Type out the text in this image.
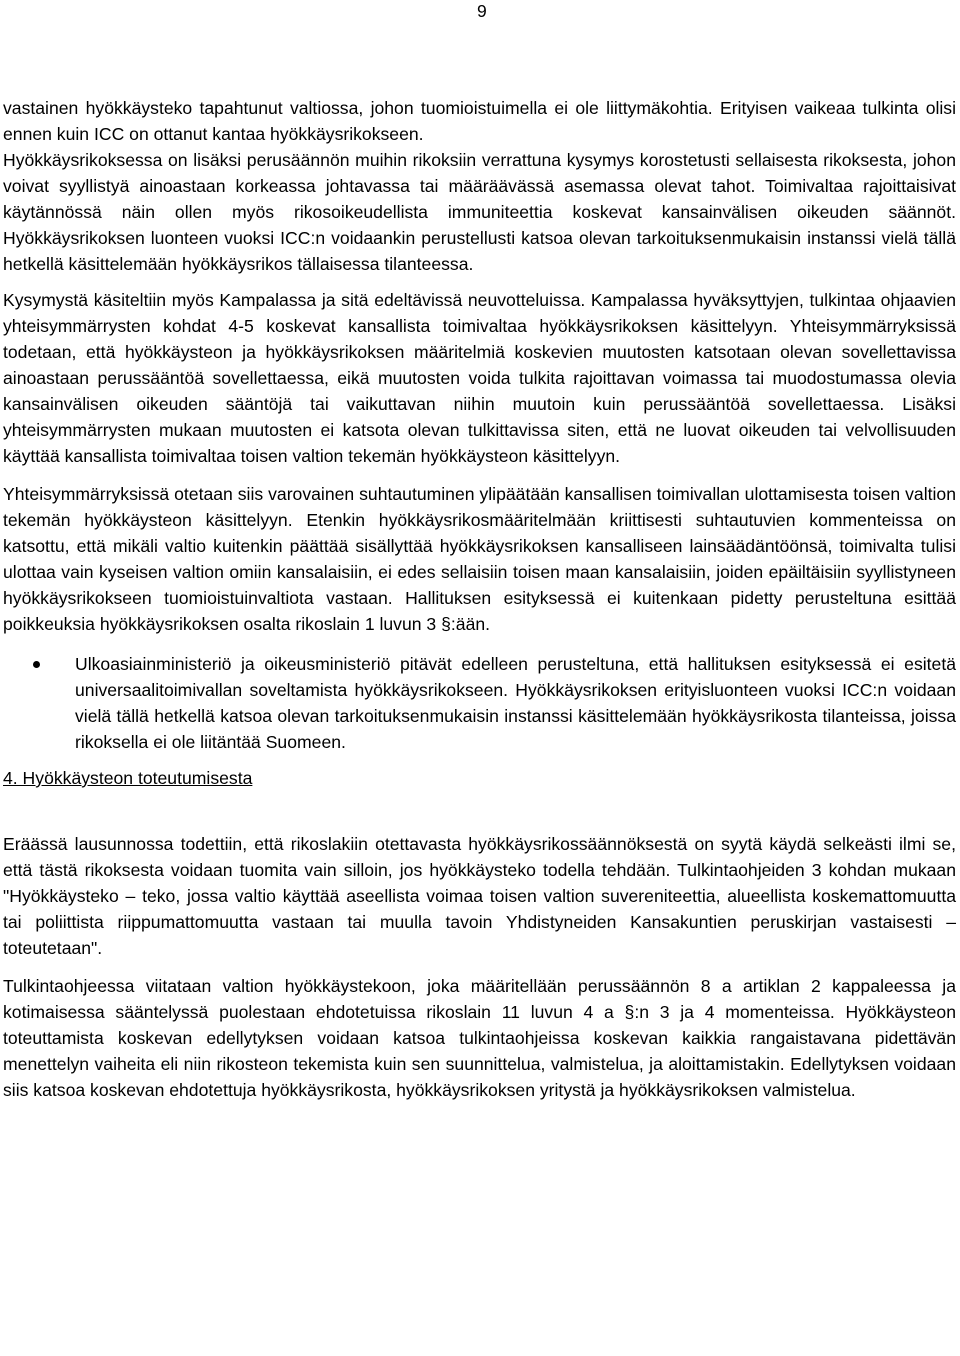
9

vastainen hyökkäysteko tapahtunut valtiossa, johon tuomioistuimella ei ole liittymäkohtia. Erityisen vaikeaa tulkinta olisi ennen kuin ICC on ottanut kantaa hyökkäysrikokseen.

Hyökkäysrikoksessa on lisäksi perusäännön muihin rikoksiin verrattuna kysymys korostetusti sellaisesta rikoksesta, johon voivat syyllistyä ainoastaan korkeassa johtavassa tai määräävässä asemassa olevat tahot. Toimivaltaa rajoittaisivat käytännössä näin ollen myös rikosoikeudellista immuniteettia koskevat kansainvälisen oikeuden säännöt. Hyökkäysrikoksen luonteen vuoksi ICC:n voidaankin perustellusti katsoa olevan tarkoituksenmukaisin instanssi vielä tällä hetkellä käsittelemään hyökkäysrikos tällaisessa tilanteessa.

Kysymystä käsiteltiin myös Kampalassa ja sitä edeltävissä neuvotteluissa. Kampalassa hyväksyttyjen, tulkintaa ohjaavien yhteisymmärrysten kohdat 4-5 koskevat kansallista toimivaltaa hyökkäysrikoksen käsittelyyn. Yhteisymmärryksissä todetaan, että hyökkäysteon ja hyökkäysrikoksen määritelmiä koskevien muutosten katsotaan olevan sovellettavissa ainoastaan perussääntöä sovellettaessa, eikä muutosten voida tulkita rajoittavan voimassa tai muodostumassa olevia kansainvälisen oikeuden sääntöjä tai vaikuttavan niihin muutoin kuin perussääntöä sovellettaessa. Lisäksi yhteisymmärrysten mukaan muutosten ei katsota olevan tulkittavissa siten, että ne luovat oikeuden tai velvollisuuden käyttää kansallista toimivaltaa toisen valtion tekemän hyökkäysteon käsittelyyn.

Yhteisymmärryksissä otetaan siis varovainen suhtautuminen ylipäätään kansallisen toimivallan ulottamisesta toisen valtion tekemän hyökkäysteon käsittelyyn. Etenkin hyökkäysrikosmääritelmään kriittisesti suhtautuvien kommenteissa on katsottu, että mikäli valtio kuitenkin päättää sisällyttää hyökkäysrikoksen kansalliseen lainsäädäntöönsä, toimivalta tulisi ulottaa vain kyseisen valtion omiin kansalaisiin, ei edes sellaisiin toisen maan kansalaisiin, joiden epäiltäisiin syyllistyneen hyökkäysrikokseen tuomioistuinvaltiota vastaan. Hallituksen esityksessä ei kuitenkaan pidetty perusteltuna esittää poikkeuksia hyökkäysrikoksen osalta rikoslain 1 luvun 3 §:ään.

Ulkoasiainministeriö ja oikeusministeriö pitävät edelleen perusteltuna, että hallituksen esityksessä ei esitetä universaalitoimivallan soveltamista hyökkäysrikokseen. Hyökkäysrikoksen erityisluonteen vuoksi ICC:n voidaan vielä tällä hetkellä katsoa olevan tarkoituksenmukaisin instanssi käsittelemään hyökkäysrikosta tilanteissa, joissa rikoksella ei ole liitäntää Suomeen.

4. Hyökkäysteon toteutumisesta

Eräässä lausunnossa todettiin, että rikoslakiin otettavasta hyökkäysrikossäännöksestä on syytä käydä selkeästi ilmi se, että tästä rikoksesta voidaan tuomita vain silloin, jos hyökkäysteko todella tehdään. Tulkintaohjeiden 3 kohdan mukaan "Hyökkäysteko – teko, jossa valtio käyttää aseellista voimaa toisen valtion suvereniteettia, alueellista koskemattomuutta tai poliittista riippumattomuutta vastaan tai muulla tavoin Yhdistyneiden Kansakuntien peruskirjan vastaisesti – toteutetaan".

Tulkintaohjeessa viitataan valtion hyökkäystekoon, joka määritellään perussäännön 8 a artiklan 2 kappaleessa ja kotimaisessa sääntelyssä puolestaan ehdotetuissa rikoslain 11 luvun 4 a §:n 3 ja 4 momenteissa. Hyökkäysteon toteuttamista koskevan edellytyksen voidaan katsoa tulkintaohjeissa koskevan kaikkia rangaistavana pidettävän menettelyn vaiheita eli niin rikosteon tekemista kuin sen suunnittelua, valmistelua, ja aloittamistakin. Edellytyksen voidaan siis katsoa koskevan ehdotettuja hyökkäysrikosta, hyökkäysrikoksen yritystä ja hyökkäysrikoksen valmistelua.
